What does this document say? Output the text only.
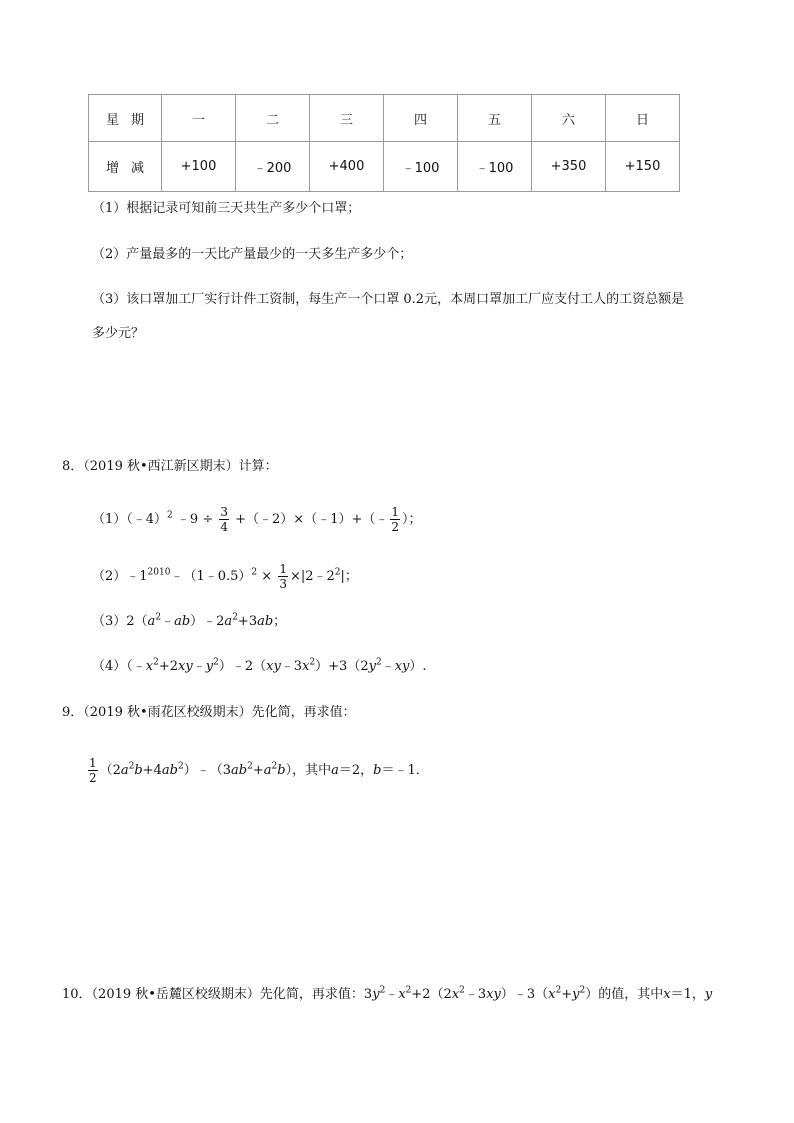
星 期	一	二	三	四	五	六	日
增 减	+100	﹣200	+400	﹣100	﹣100	+350	+150
（1）根据记录可知前三天共生产多少个口罩；
（2）产量最多的一天比产量最少的一天多生产多少个；
（3）该口罩加工厂实行计件工资制，每生产一个口罩 0.2元，本周口罩加工厂应支付工人的工资总额是
多少元？
8．（2019 秋•西江新区期末）计算：
（1）（﹣4）$^2$ ﹣9 ÷ $\frac{3}{4}$ +（﹣2）×（﹣1）+（﹣ $\frac{1}{2}$ ）；
$(2)﹣1^{2010}﹣(1﹣0.5)^2 \times \frac{1}{3}$ $\times|2﹣2^2|$；
$(3)2(a^2﹣ab)﹣2a^2+3ab$；
$(4)(﹣x^2+2xy﹣y^2)﹣2(xy﹣3x^2)+3(2y^2﹣xy)$.
9．（2019 秋•雨花区校级期末）先化简，再求值：
$\frac{1}{2}$ $(2a^2b+4ab^2)﹣(3ab^2+a^2b)$，其中a＝2，b＝﹣1．
10．（2019 秋•岳麓区校级期末）先化简，再求值：$3y^2﹣x^2+2(2x^2﹣3xy)﹣3(x^2+y^2)$的值，其中x＝1，y
